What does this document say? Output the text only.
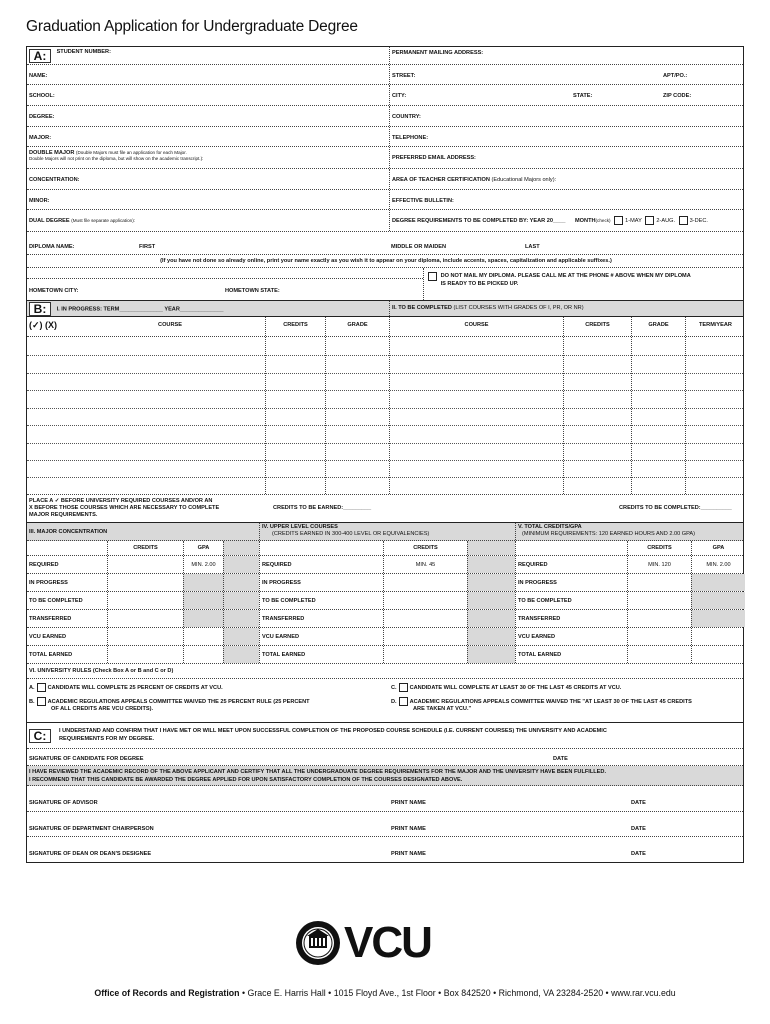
Graduation Application for Undergraduate Degree
A: STUDENT NUMBER:	PERMANENT MAILING ADDRESS:
NAME:	STREET:	APT/PO.:
SCHOOL:	CITY:	STATE:	ZIP CODE:
DEGREE:	COUNTRY:
MAJOR:	TELEPHONE:
DOUBLE MAJOR (Double Majors must file an application for each Major.
Double Majors will not print on the diploma, but will show on the academic transcript.):	PREFERRED EMAIL ADDRESS:
CONCENTRATION:	AREA OF TEACHER CERTIFICATION (Educational Majors only):
MINOR:	EFFECTIVE BULLETIN:
DUAL DEGREE (Must file separate application):	DEGREE REQUIREMENTS TO BE COMPLETED BY: YEAR 20____ MONTH(check)	1-MAY	2-AUG.	3-DEC.
DIPLOMA NAME:	FIRST	MIDDLE OR MAIDEN	LAST
(If you have not done so already online, print your name exactly as you wish it to appear on your diploma, include accents, spaces, capitalization and applicable suffixes.)
HOMETOWN CITY:	HOMETOWN STATE:
DO NOT MAIL MY DIPLOMA. PLEASE CALL ME AT THE PHONE # ABOVE WHEN MY DIPLOMA
IS READY TO BE PICKED UP.
B: I. IN PROGRESS: TERM______________ YEAR______________	II. TO BE COMPLETED (LIST COURSES WITH GRADES OF I, PR, OR NR)
(✓) (X)	COURSE	CREDITS	GRADE	COURSE	CREDITS	GRADE	TERM/YEAR
PLACE A ✓ BEFORE UNIVERSITY REQUIRED COURSES AND/OR AN
X BEFORE THOSE COURSES WHICH ARE NECESSARY TO COMPLETE
MAJOR REQUIREMENTS.
CREDITS TO BE EARNED:_________	CREDITS TO BE COMPLETED:__________
III. MAJOR CONCENTRATION
IV. UPPER LEVEL COURSES
(CREDITS EARNED IN 300-400 LEVEL OR EQUIVALENCIES)
V. TOTAL CREDITS/GPA
(MINIMUM REQUIREMENTS: 120 EARNED HOURS AND 2.00 GPA)
CREDITS	GPA	CREDITS	CREDITS	GPA
REQUIRED	MIN. 2.00	REQUIRED	MIN. 45	REQUIRED	MIN. 120	MIN. 2.00
IN PROGRESS	IN PROGRESS	IN PROGRESS
TO BE COMPLETED	TO BE COMPLETED	TO BE COMPLETED
TRANSFERRED	TRANSFERRED	TRANSFERRED
VCU EARNED	VCU EARNED	VCU EARNED
TOTAL EARNED	TOTAL EARNED	TOTAL EARNED
VI. UNIVERSITY RULES (Check Box A or B and C or D)
A. CANDIDATE WILL COMPLETE 25 PERCENT OF CREDITS AT VCU.
B. ACADEMIC REGULATIONS APPEALS COMMITTEE WAIVED THE 25 PERCENT RULE (25 PERCENT
OF ALL CREDITS ARE VCU CREDITS).
C. CANDIDATE WILL COMPLETE AT LEAST 30 OF THE LAST 45 CREDITS AT VCU.
D. ACADEMIC REGULATIONS APPEALS COMMITTEE WAIVED THE "AT LEAST 30 OF THE LAST 45 CREDITS
ARE TAKEN AT VCU."
C:	I UNDERSTAND AND CONFIRM THAT I HAVE MET OR WILL MEET UPON SUCCESSFUL COMPLETION OF THE PROPOSED COURSE SCHEDULE (I.E. CURRENT COURSES) THE UNIVERSITY AND ACADEMIC
REQUIREMENTS FOR MY DEGREE.
SIGNATURE OF CANDIDATE FOR DEGREE	DATE
I HAVE REVIEWED THE ACADEMIC RECORD OF THE ABOVE APPLICANT AND CERTIFY THAT ALL THE UNDERGRADUATE DEGREE REQUIREMENTS FOR THE MAJOR AND THE UNIVERSITY HAVE BEEN FULFILLED.
I RECOMMEND THAT THIS CANDIDATE BE AWARDED THE DEGREE APPLIED FOR UPON SATISFACTORY COMPLETION OF THE COURSES DESIGNATED ABOVE.
SIGNATURE OF ADVISOR	PRINT NAME	DATE
SIGNATURE OF DEPARTMENT CHAIRPERSON	PRINT NAME	DATE
SIGNATURE OF DEAN OR DEAN'S DESIGNEE	PRINT NAME	DATE
VCU
Office of Records and Registration • Grace E. Harris Hall • 1015 Floyd Ave., 1st Floor • Box 842520 • Richmond, VA 23284-2520 • www.rar.vcu.edu
